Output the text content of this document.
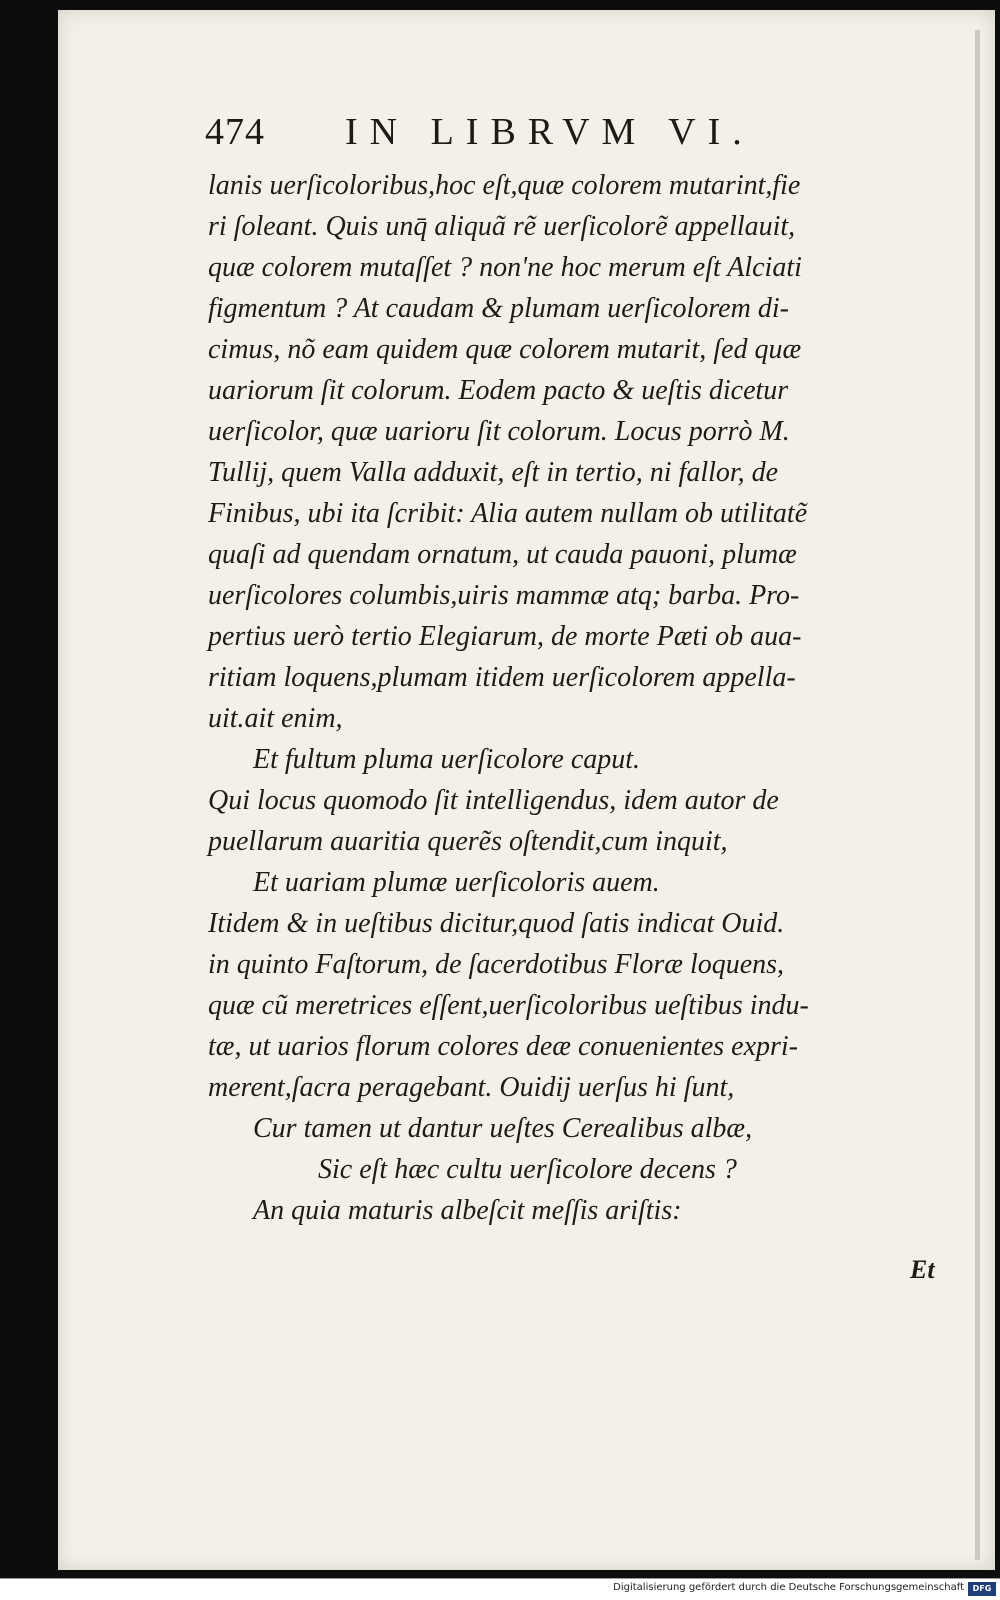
474 IN LIBRVM VI.
lanis uerſicoloribus,hoc eſt,quæ colorem mutarint,fie
ri ſoleant. Quis unq̄ aliquã rẽ uerſicolorẽ appellauit,
quæ colorem mutaſſet ? non'ne hoc merum eſt Alciati
figmentum ? At caudam & plumam uerſicolorem di-
cimus, nõ eam quidem quæ colorem mutarit, ſed quæ
uariorum ſit colorum. Eodem pacto & ueſtis dicetur
uerſicolor, quæ uarioru ſit colorum. Locus porrò M.
Tullij, quem Valla adduxit, eſt in tertio, ni fallor, de
Finibus, ubi ita ſcribit: Alia autem nullam ob utilitatẽ
quaſi ad quendam ornatum, ut cauda pauoni, plumæ
uerſicolores columbis,uiris mammæ atq; barba. Pro-
pertius uerò tertio Elegiarum, de morte Pæti ob aua-
ritiam loquens,plumam itidem uerſicolorem appella-
uit.ait enim,
Et fultum pluma uerſicolore caput.
Qui locus quomodo ſit intelligendus, idem autor de
puellarum auaritia querẽs oſtendit,cum inquit,
Et uariam plumæ uerſicoloris auem.
Itidem & in ueſtibus dicitur,quod ſatis indicat Ouid.
in quinto Faſtorum, de ſacerdotibus Floræ loquens,
quæ cũ meretrices eſſent,uerſicoloribus ueſtibus indu-
tæ, ut uarios florum colores deæ conuenientes expri-
merent,ſacra peragebant. Ouidij uerſus hi ſunt,
Cur tamen ut dantur ueſtes Cerealibus albæ,
Sic eſt hæc cultu uerſicolore decens ?
An quia maturis albeſcit meſſis ariſtis:
Et
Digitalisierung gefördert durch die Deutsche Forschungsgemeinschaft	DFG
